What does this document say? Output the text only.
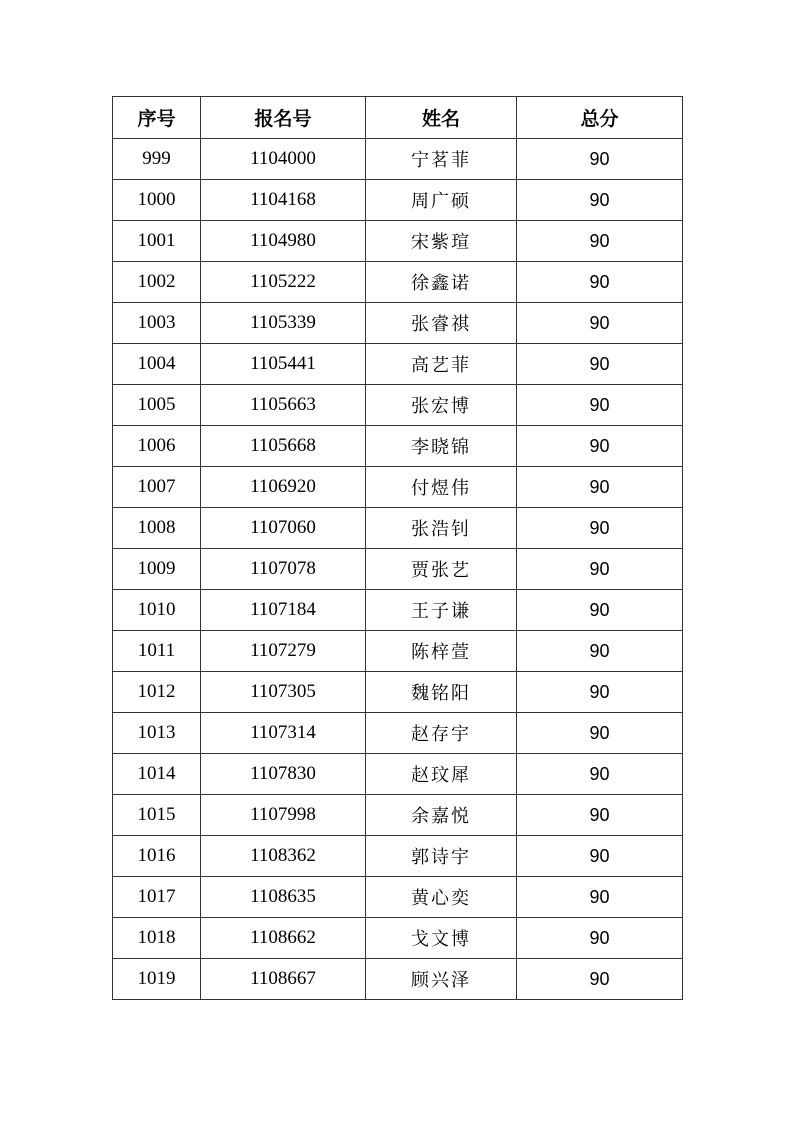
序号	报名号	姓名	总分
999	1104000	宁茗菲	90
1000	1104168	周广硕	90
1001	1104980	宋紫瑄	90
1002	1105222	徐鑫诺	90
1003	1105339	张睿祺	90
1004	1105441	高艺菲	90
1005	1105663	张宏博	90
1006	1105668	李晓锦	90
1007	1106920	付煜伟	90
1008	1107060	张浩钊	90
1009	1107078	贾张艺	90
1010	1107184	王子谦	90
1011	1107279	陈梓萱	90
1012	1107305	魏铭阳	90
1013	1107314	赵存宇	90
1014	1107830	赵玟犀	90
1015	1107998	余嘉悦	90
1016	1108362	郭诗宇	90
1017	1108635	黄心奕	90
1018	1108662	戈文博	90
1019	1108667	顾兴泽	90
